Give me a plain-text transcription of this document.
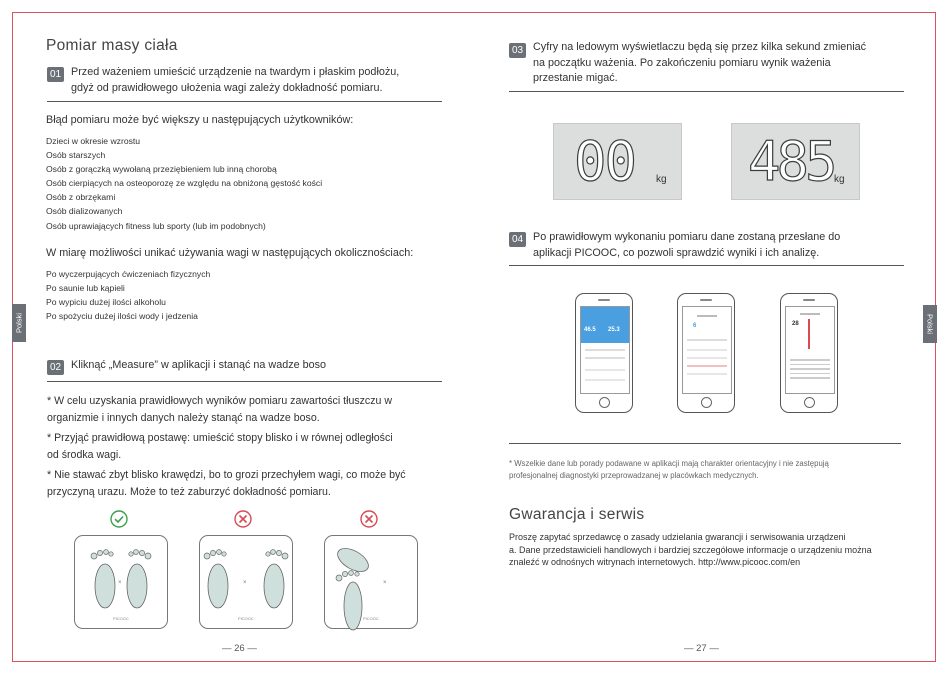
Pomiar masy ciała
01 Przed ważeniem umieścić urządzenie na twardym i płaskim podłożu,
gdyż od prawidłowego ułożenia wagi zależy dokładność pomiaru.
Błąd pomiaru może być większy u następujących użytkowników:
Dzieci w okresie wzrostu
Osób starszych
Osób z gorączką wywołaną przeziębieniem lub inną chorobą
Osób cierpiących na osteoporozę ze względu na obniżoną gęstość kości
Osób z obrzękami
Osób dializowanych
Osób uprawiających fitness lub sporty (lub im podobnych)
W miarę możliwości unikać używania wagi w następujących okolicznościach:
Po wyczerpujących ćwiczeniach fizycznych
Po saunie lub kąpieli
Po wypiciu dużej ilości alkoholu
Po spożyciu dużej ilości wody i jedzenia
Polski
02 Kliknąć „Measure” w aplikacji i stanąć na wadze boso
* W celu uzyskania prawidłowych wyników pomiaru zawartości tłuszczu w
organizmie i innych danych należy stanąć na wadze boso.
* Przyjąć prawidłową postawę: umieścić stopy blisko i w równej odległości
od środka wagi.
* Nie stawać zbyt blisko krawędzi, bo to grozi przechyłem wagi, co może być
przyczyną urazu. Może to też zaburzyć dokładność pomiaru.
×
PICOOC
×
PICOOC
×
PICOOC
— 26 —
03 Cyfry na ledowym wyświetlaczu będą się przez kilka sekund zmieniać
na początku ważenia. Po zakończeniu pomiaru wynik ważenia
przestanie migać.
00 kg 485 kg
04 Po prawidłowym wykonaniu pomiaru dane zostaną przesłane do
aplikacji PICOOC, co pozwoli sprawdzić wyniki i ich analizę.
Polski
46.5 25.3
6	28
* Wszelkie dane lub porady podawane w aplikacji mają charakter orientacyjny i nie zastępują
profesjonalnej diagnostyki przeprowadzanej w placówkach medycznych.
Gwarancja i serwis
Proszę zapytać sprzedawcę o zasady udzielania gwarancji i serwisowania urządzeni
a. Dane przedstawicieli handlowych i bardziej szczegółowe informacje o urządzeniu można
znaleźć w odnośnych witrynach internetowych. http://www.picooc.com/en
— 27 —
